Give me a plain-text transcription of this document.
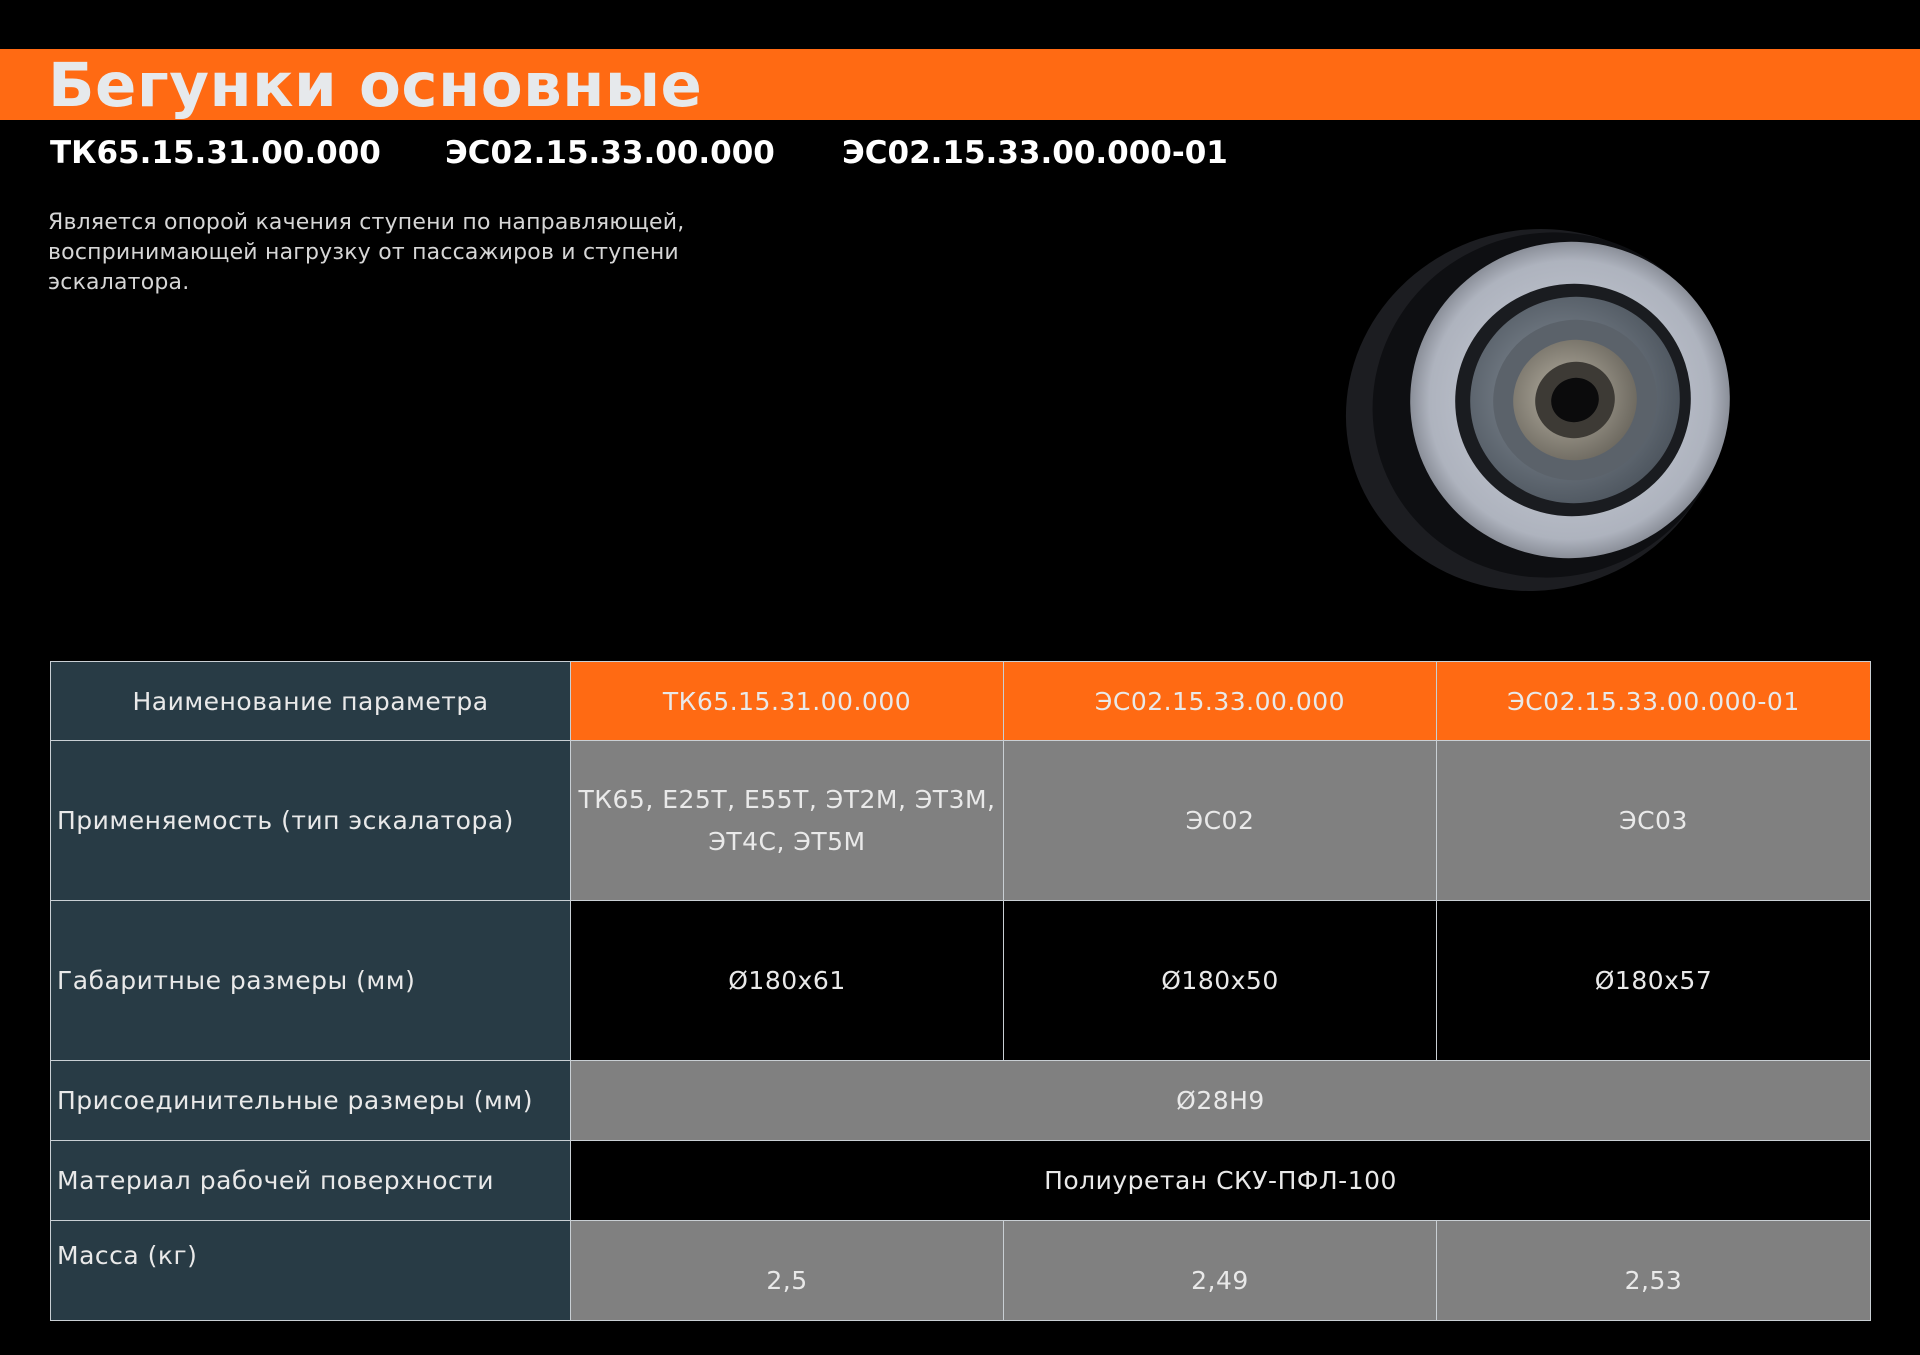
Бегунки основные
ТК65.15.31.00.000 ЭС02.15.33.00.000 ЭС02.15.33.00.000-01

Является опорой качения ступени по направляющей, воспринимающей нагрузку от пассажиров и ступени эскалатора.

Наименование параметра	ТК65.15.31.00.000	ЭС02.15.33.00.000	ЭС02.15.33.00.000-01
Применяемость (тип эскалатора)	ТК65, Е25Т, Е55Т, ЭТ2М, ЭТ3М, ЭТ4С, ЭТ5М	ЭС02	ЭС03
Габаритные размеры (мм)	Ø180х61	Ø180х50	Ø180х57
Присоединительные размеры (мм)	Ø28Н9		
Материал рабочей поверхности	Полиуретан СКУ-ПФЛ-100		
Масса (кг)	2,5	2,49	2,53
